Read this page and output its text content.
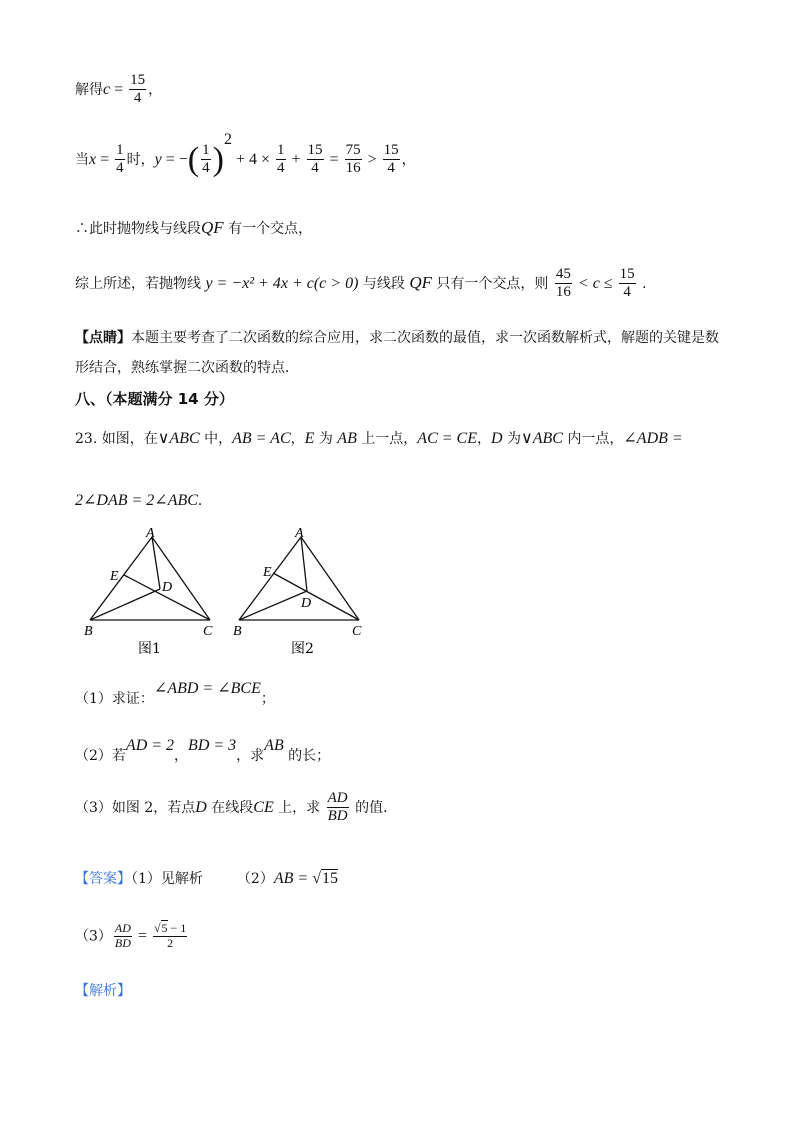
解得$c = \frac{15}{4}$ ，
当$x = \frac{1}{4}$ 时，y = −( $\frac{1}{4} )^2 + 4 \times \frac{1}{4} + \frac{15}{4} = \frac{75}{16} > \frac{15}{4}$ ，
∴此时抛物线与线段QF 有一个交点，
综上所述，若抛物线 y = −x² + 4x + c(c > 0) 与线段 QF 只有一个交点，则 $\frac{45}{16} < c \le \frac{15}{4}$ .
【点睛】本题主要考查了二次函数的综合应用，求二次函数的最值，求一次函数解析式，解题的关键是数
形结合，熟练掌握二次函数的特点．
八、（本题满分 14 分）
23. 如图，在∨ABC 中，AB = AC，E 为 AB 上一点，AC = CE，D 为∨ABC 内一点，∠ADB =
2∠DAB = 2∠ABC.
A
E
D
B	C
图1
A
E
D
B	C
图2
（1）求证：∠ABD = ∠BCE；
（2）若AD = 2，BD = 3，求AB 的长；
（3）如图 2，若点D 在线段CE 上，求 $\frac{AD}{BD}$ 的值．
【答案】（1）见解析 （2）AB = √15
$(3) \frac{AD}{BD} = \frac{√5 - 1}{2}$
【解析】
